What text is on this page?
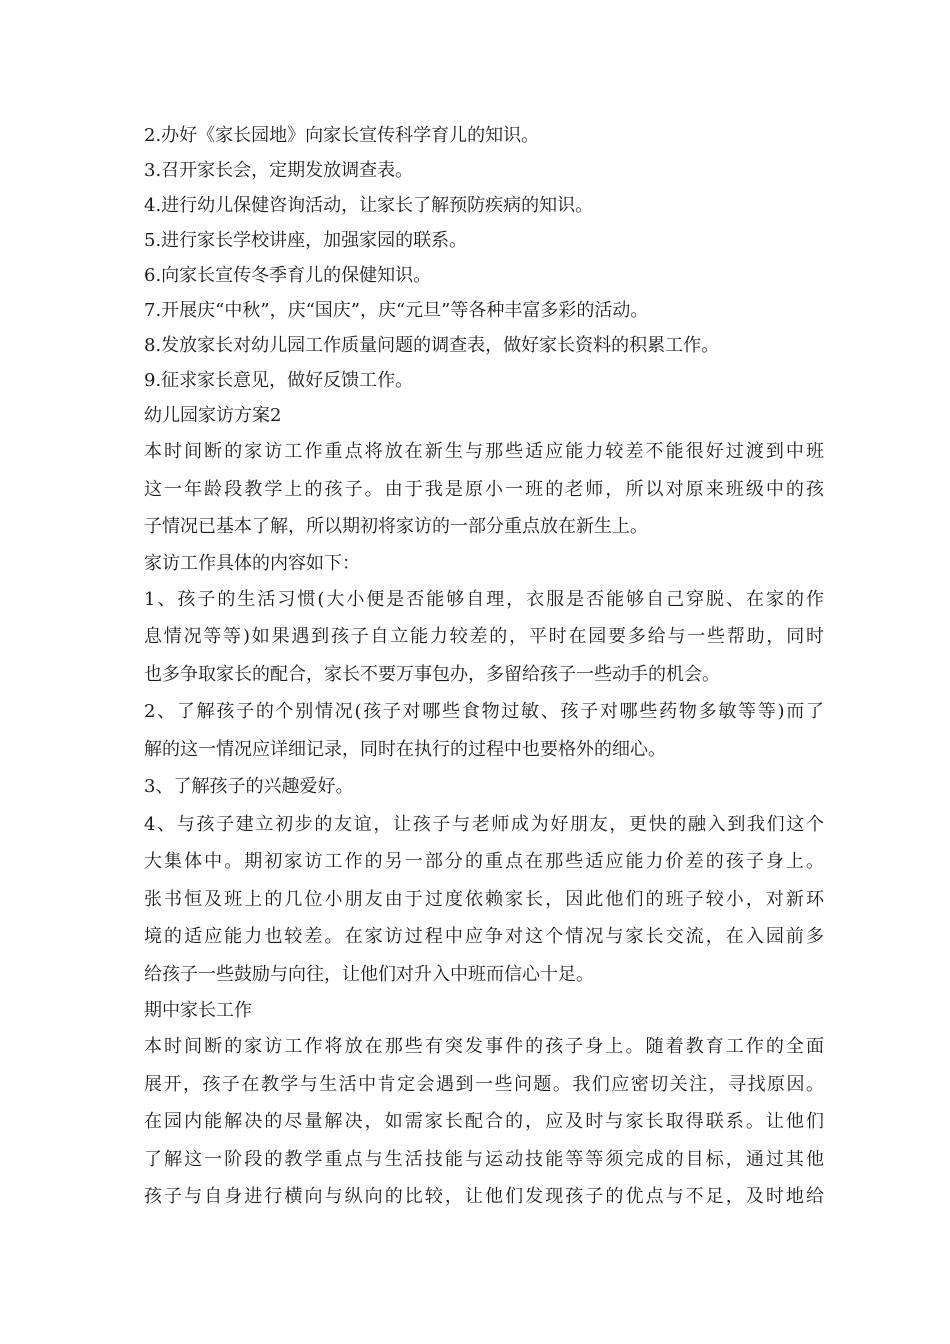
2.办好《家长园地》向家长宣传科学育儿的知识。
3.召开家长会，定期发放调查表。
4.进行幼儿保健咨询活动，让家长了解预防疾病的知识。
5.进行家长学校讲座，加强家园的联系。
6.向家长宣传冬季育儿的保健知识。
7.开展庆“中秋”，庆“国庆”，庆“元旦”等各种丰富多彩的活动。
8.发放家长对幼儿园工作质量问题的调查表，做好家长资料的积累工作。
9.征求家长意见，做好反馈工作。
幼儿园家访方案2
本时间断的家访工作重点将放在新生与那些适应能力较差不能很好过渡到中班
这一年龄段教学上的孩子。由于我是原小一班的老师，所以对原来班级中的孩
子情况已基本了解，所以期初将家访的一部分重点放在新生上。
家访工作具体的内容如下：
1、孩子的生活习惯(大小便是否能够自理，衣服是否能够自己穿脱、在家的作
息情况等等)如果遇到孩子自立能力较差的，平时在园要多给与一些帮助，同时
也多争取家长的配合，家长不要万事包办，多留给孩子一些动手的机会。
2、了解孩子的个别情况(孩子对哪些食物过敏、孩子对哪些药物多敏等等)而了
解的这一情况应详细记录，同时在执行的过程中也要格外的细心。
3、了解孩子的兴趣爱好。
4、与孩子建立初步的友谊，让孩子与老师成为好朋友，更快的融入到我们这个
大集体中。期初家访工作的另一部分的重点在那些适应能力价差的孩子身上。
张书恒及班上的几位小朋友由于过度依赖家长，因此他们的班子较小，对新环
境的适应能力也较差。在家访过程中应争对这个情况与家长交流，在入园前多
给孩子一些鼓励与向往，让他们对升入中班而信心十足。
期中家长工作
本时间断的家访工作将放在那些有突发事件的孩子身上。随着教育工作的全面
展开，孩子在教学与生活中肯定会遇到一些问题。我们应密切关注，寻找原因。
在园内能解决的尽量解决，如需家长配合的，应及时与家长取得联系。让他们
了解这一阶段的教学重点与生活技能与运动技能等等须完成的目标，通过其他
孩子与自身进行横向与纵向的比较，让他们发现孩子的优点与不足，及时地给
